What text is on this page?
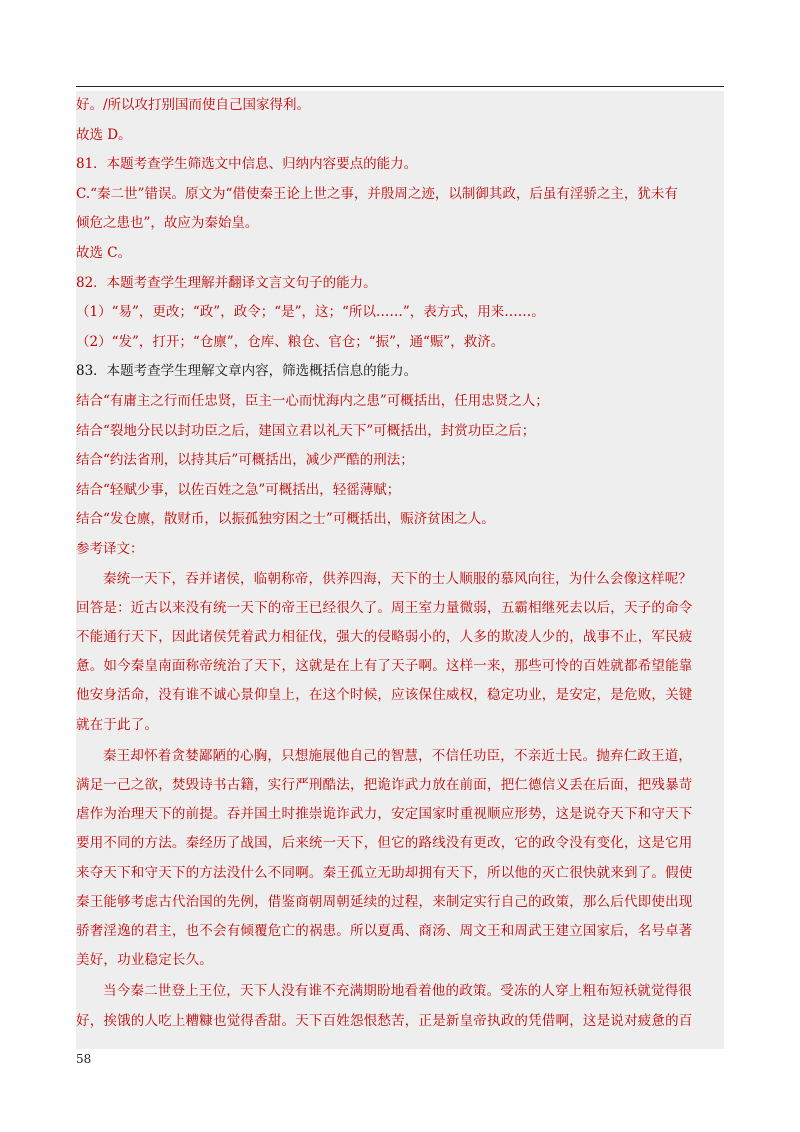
好。/所以攻打别国而使自己国家得利。
故选 D。
81．本题考查学生筛选文中信息、归纳内容要点的能力。
C.“秦二世”错误。原文为“借使秦王论上世之事，并殷周之迹，以制御其政，后虽有淫骄之主，犹未有
倾危之患也”，故应为秦始皇。
故选 C。
82．本题考查学生理解并翻译文言文句子的能力。
（1）“易”，更改；“政”，政令；“是”，这；“所以……”，表方式，用来……。
（2）“发”，打开；“仓廪”，仓库、粮仓、官仓；“振”，通“赈”，救济。
83．本题考查学生理解文章内容，筛选概括信息的能力。
结合“有庸主之行而任忠贤，臣主一心而忧海内之患”可概括出，任用忠贤之人；
结合“裂地分民以封功臣之后，建国立君以礼天下”可概括出，封赏功臣之后；
结合“约法省刑，以持其后”可概括出，减少严酷的刑法；
结合“轻赋少事，以佐百姓之急”可概括出，轻徭薄赋；
结合“发仓廪，散财币，以振孤独穷困之士”可概括出，赈济贫困之人。
参考译文：
秦统一天下，吞并诸侯，临朝称帝，供养四海，天下的士人顺服的慕风向往，为什么会像这样呢？
回答是：近古以来没有统一天下的帝王已经很久了。周王室力量微弱，五霸相继死去以后，天子的命令
不能通行天下，因此诸侯凭着武力相征伐，强大的侵略弱小的，人多的欺凌人少的，战事不止，军民疲
惫。如今秦皇南面称帝统治了天下，这就是在上有了天子啊。这样一来，那些可怜的百姓就都希望能靠
他安身活命，没有谁不诚心景仰皇上，在这个时候，应该保住威权，稳定功业，是安定，是危败，关键
就在于此了。
秦王却怀着贪婪鄙陋的心胸，只想施展他自己的智慧，不信任功臣，不亲近士民。抛弃仁政王道，
满足一己之欲，焚毁诗书古籍，实行严刑酷法，把诡诈武力放在前面，把仁德信义丢在后面，把残暴苛
虐作为治理天下的前提。吞并国土时推崇诡诈武力，安定国家时重视顺应形势，这是说夺天下和守天下
要用不同的方法。秦经历了战国，后来统一天下，但它的路线没有更改，它的政令没有变化，这是它用
来夺天下和守天下的方法没什么不同啊。秦王孤立无助却拥有天下，所以他的灭亡很快就来到了。假使
秦王能够考虑古代治国的先例，借鉴商朝周朝延续的过程，来制定实行自己的政策，那么后代即使出现
骄奢淫逸的君主，也不会有倾覆危亡的祸患。所以夏禹、商汤、周文王和周武王建立国家后，名号卓著
美好，功业稳定长久。
当今秦二世登上王位，天下人没有谁不充满期盼地看着他的政策。受冻的人穿上粗布短袄就觉得很
好，挨饿的人吃上糟糠也觉得香甜。天下百姓怨恨愁苦，正是新皇帝执政的凭借啊，这是说对疲惫的百
58
